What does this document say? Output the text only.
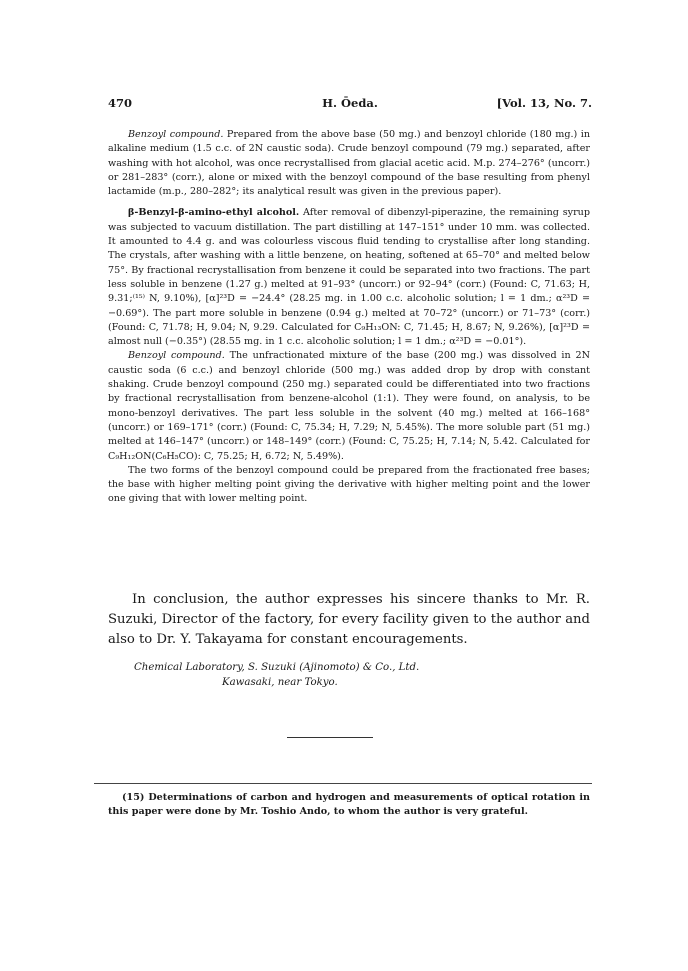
470	H. Ōeda.	[Vol. 13, No. 7.

Benzoyl compound. Prepared from the above base (50 mg.) and benzoyl chloride (180 mg.) in alkaline medium (1.5 c.c. of 2N caustic soda). Crude benzoyl compound (79 mg.) separated, after washing with hot alcohol, was once recrystallised from glacial acetic acid. M.p. 274–276° (uncorr.) or 281–283° (corr.), alone or mixed with the benzoyl compound of the base resulting from phenyl lactamide (m.p., 280–282°; its analytical result was given in the previous paper).

β-Benzyl-β-amino-ethyl alcohol. After removal of dibenzyl-piperazine, the remaining syrup was subjected to vacuum distillation. The part distilling at 147–151° under 10 mm. was collected. It amounted to 4.4 g. and was colourless viscous fluid tending to crystallise after long standing. The crystals, after washing with a little benzene, on heating, softened at 65–70° and melted below 75°. By fractional recrystallisation from benzene it could be separated into two fractions. The part less soluble in benzene (1.27 g.) melted at 91–93° (uncorr.) or 92–94° (corr.) (Found: C, 71.63; H, 9.31;⁽¹⁵⁾ N, 9.10%), [α]²³D = −24.4° (28.25 mg. in 1.00 c.c. alcoholic solution; l = 1 dm.; α²³D = −0.69°). The part more soluble in benzene (0.94 g.) melted at 70–72° (uncorr.) or 71–73° (corr.) (Found: C, 71.78; H, 9.04; N, 9.29. Calculated for C₉H₁₃ON: C, 71.45; H, 8.67; N, 9.26%), [α]²³D = almost null (−0.35°) (28.55 mg. in 1 c.c. alcoholic solution; l = 1 dm.; α²³D = −0.01°).

Benzoyl compound. The unfractionated mixture of the base (200 mg.) was dissolved in 2N caustic soda (6 c.c.) and benzoyl chloride (500 mg.) was added drop by drop with constant shaking. Crude benzoyl compound (250 mg.) separated could be differentiated into two fractions by fractional recrystallisation from benzene-alcohol (1:1). They were found, on analysis, to be mono-benzoyl derivatives. The part less soluble in the solvent (40 mg.) melted at 166–168° (uncorr.) or 169–171° (corr.) (Found: C, 75.34; H, 7.29; N, 5.45%). The more soluble part (51 mg.) melted at 146–147° (uncorr.) or 148–149° (corr.) (Found: C, 75.25; H, 7.14; N, 5.42. Calculated for C₉H₁₂ON(C₆H₅CO): C, 75.25; H, 6.72; N, 5.49%).

The two forms of the benzoyl compound could be prepared from the fractionated free bases; the base with higher melting point giving the derivative with higher melting point and the lower one giving that with lower melting point.

In conclusion, the author expresses his sincere thanks to Mr. R. Suzuki, Director of the factory, for every facility given to the author and also to Dr. Y. Takayama for constant encouragements.

Chemical Laboratory, S. Suzuki (Ajinomoto) & Co., Ltd.
Kawasaki, near Tokyo.

(15) Determinations of carbon and hydrogen and measurements of optical rotation in this paper were done by Mr. Toshio Ando, to whom the author is very grateful.
